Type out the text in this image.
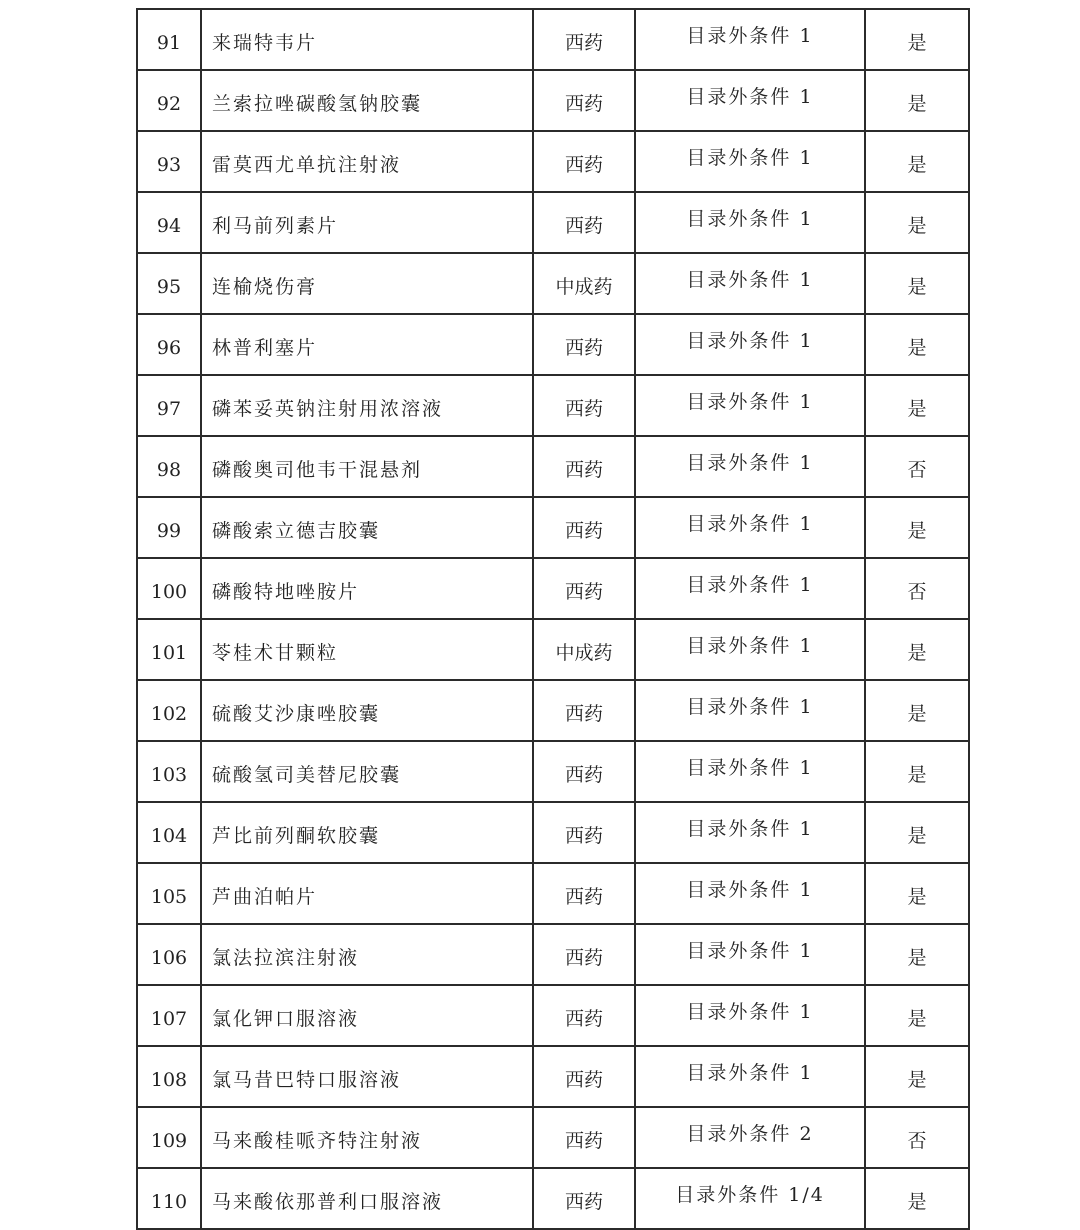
91	来瑞特韦片	西药	目录外条件 1	是
92	兰索拉唑碳酸氢钠胶囊	西药	目录外条件 1	是
93	雷莫西尤单抗注射液	西药	目录外条件 1	是
94	利马前列素片	西药	目录外条件 1	是
95	连榆烧伤膏	中成药	目录外条件 1	是
96	林普利塞片	西药	目录外条件 1	是
97	磷苯妥英钠注射用浓溶液	西药	目录外条件 1	是
98	磷酸奥司他韦干混悬剂	西药	目录外条件 1	否
99	磷酸索立德吉胶囊	西药	目录外条件 1	是
100	磷酸特地唑胺片	西药	目录外条件 1	否
101	苓桂术甘颗粒	中成药	目录外条件 1	是
102	硫酸艾沙康唑胶囊	西药	目录外条件 1	是
103	硫酸氢司美替尼胶囊	西药	目录外条件 1	是
104	芦比前列酮软胶囊	西药	目录外条件 1	是
105	芦曲泊帕片	西药	目录外条件 1	是
106	氯法拉滨注射液	西药	目录外条件 1	是
107	氯化钾口服溶液	西药	目录外条件 1	是
108	氯马昔巴特口服溶液	西药	目录外条件 1	是
109	马来酸桂哌齐特注射液	西药	目录外条件 2	否
110	马来酸依那普利口服溶液	西药	目录外条件 1/4	是
